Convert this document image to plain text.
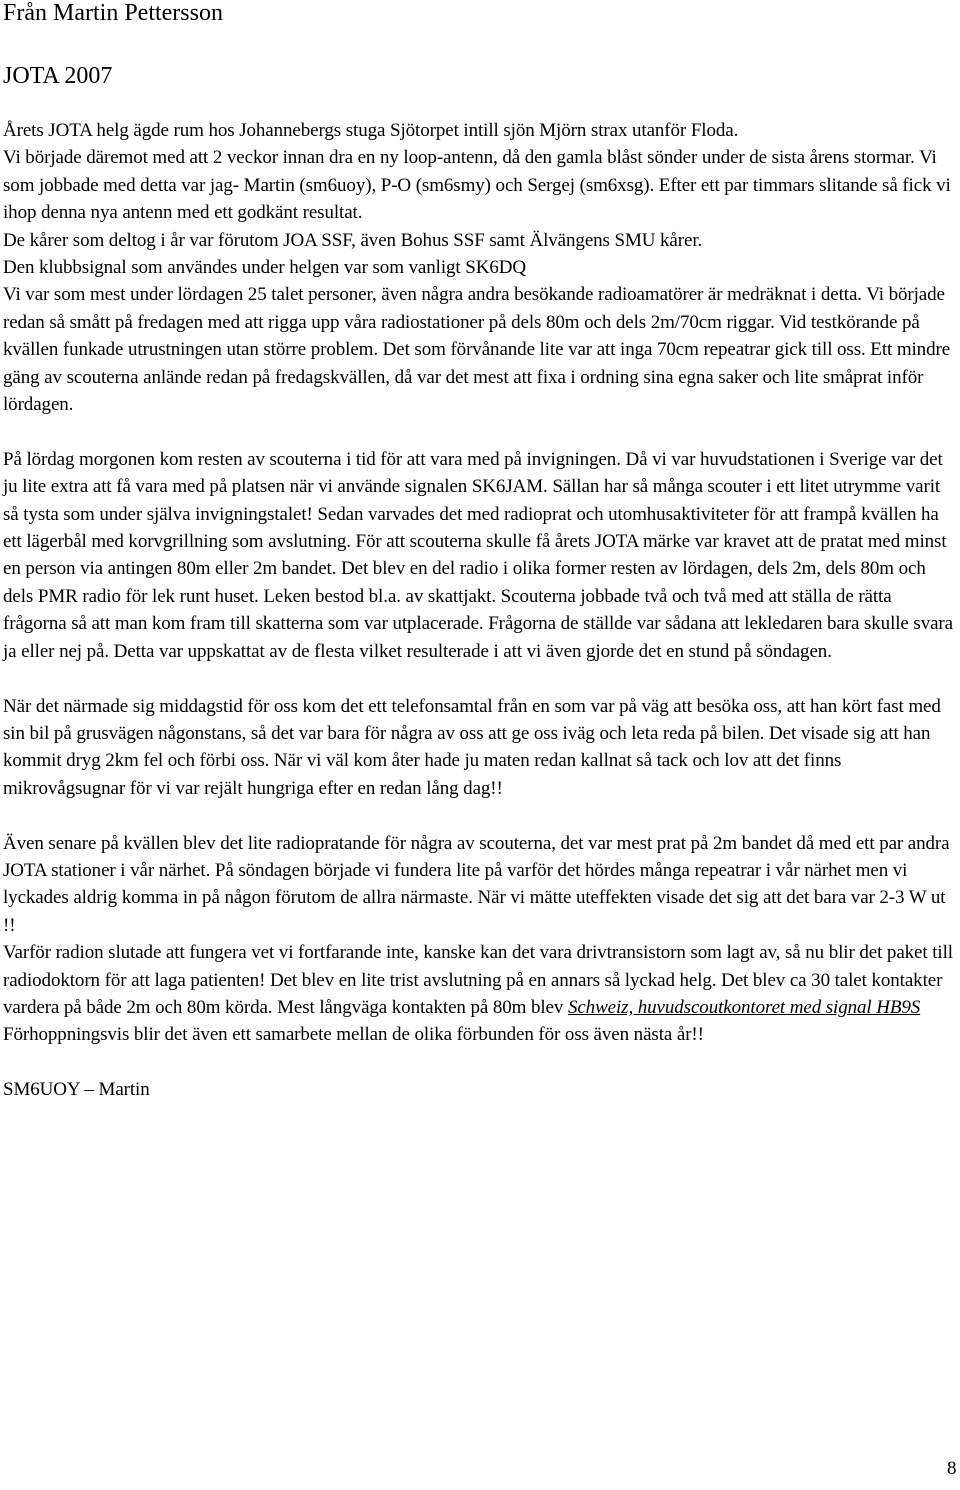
Från Martin Pettersson
JOTA 2007

Årets JOTA helg ägde rum hos Johannebergs stuga Sjötorpet intill sjön Mjörn strax utanför Floda.

Vi började däremot med att 2 veckor innan dra en ny loop-antenn, då den gamla blåst sönder under de sista årens stormar. Vi som jobbade med detta var jag- Martin (sm6uoy), P-O (sm6smy) och Sergej (sm6xsg). Efter ett par timmars slitande så fick vi ihop denna nya antenn med ett godkänt resultat.

De kårer som deltog i år var förutom JOA SSF, även Bohus SSF samt Älvängens SMU kårer.

Den klubbsignal som användes under helgen var som vanligt SK6DQ

Vi var som mest under lördagen 25 talet personer, även några andra besökande radioamatörer är medräknat i detta. Vi började redan så smått på fredagen med att rigga upp våra radiostationer på dels 80m och dels 2m/70cm riggar. Vid testkörande på kvällen funkade utrustningen utan större problem. Det som förvånande lite var att inga 70cm repeatrar gick till oss. Ett mindre gäng av scouterna anlände redan på fredagskvällen, då var det mest att fixa i ordning sina egna saker och lite småprat inför lördagen.

På lördag morgonen kom resten av scouterna i tid för att vara med på invigningen. Då vi var huvudstationen i Sverige var det ju lite extra att få vara med på platsen när vi använde signalen SK6JAM. Sällan har så många scouter i ett litet utrymme varit så tysta som under själva invigningstalet! Sedan varvades det med radioprat och utomhusaktiviteter för att frampå kvällen ha ett lägerbål med korvgrillning som avslutning. För att scouterna skulle få årets JOTA märke var kravet att de pratat med minst en person via antingen 80m eller 2m bandet. Det blev en del radio i olika former resten av lördagen, dels 2m, dels 80m och dels PMR radio för lek runt huset. Leken bestod bl.a. av skattjakt. Scouterna jobbade två och två med att ställa de rätta frågorna så att man kom fram till skatterna som var utplacerade. Frågorna de ställde var sådana att lekledaren bara skulle svara ja eller nej på. Detta var uppskattat av de flesta vilket resulterade i att vi även gjorde det en stund på söndagen.

När det närmade sig middagstid för oss kom det ett telefonsamtal från en som var på väg att besöka oss, att han kört fast med sin bil på grusvägen någonstans, så det var bara för några av oss att ge oss iväg och leta reda på bilen. Det visade sig att han kommit dryg 2km fel och förbi oss. När vi väl kom åter hade ju maten redan kallnat så tack och lov att det finns mikrovågsugnar för vi var rejält hungriga efter en redan lång dag!!

Även senare på kvällen blev det lite radiopratande för några av scouterna, det var mest prat på 2m bandet då med ett par andra JOTA stationer i vår närhet. På söndagen började vi fundera lite på varför det hördes många repeatrar i vår närhet men vi lyckades aldrig komma in på någon förutom de allra närmaste. När vi mätte uteffekten visade det sig att det bara var 2-3 W ut !!

Varför radion slutade att fungera vet vi fortfarande inte, kanske kan det vara drivtransistorn som lagt av, så nu blir det paket till radiodoktorn för att laga patienten! Det blev en lite trist avslutning på en annars så lyckad helg. Det blev ca 30 talet kontakter vardera på både 2m och 80m körda. Mest långväga kontakten på 80m blev Schweiz, huvudscoutkontoret med signal HB9S

Förhoppningsvis blir det även ett samarbete mellan de olika förbunden för oss även nästa år!!

SM6UOY – Martin

8
